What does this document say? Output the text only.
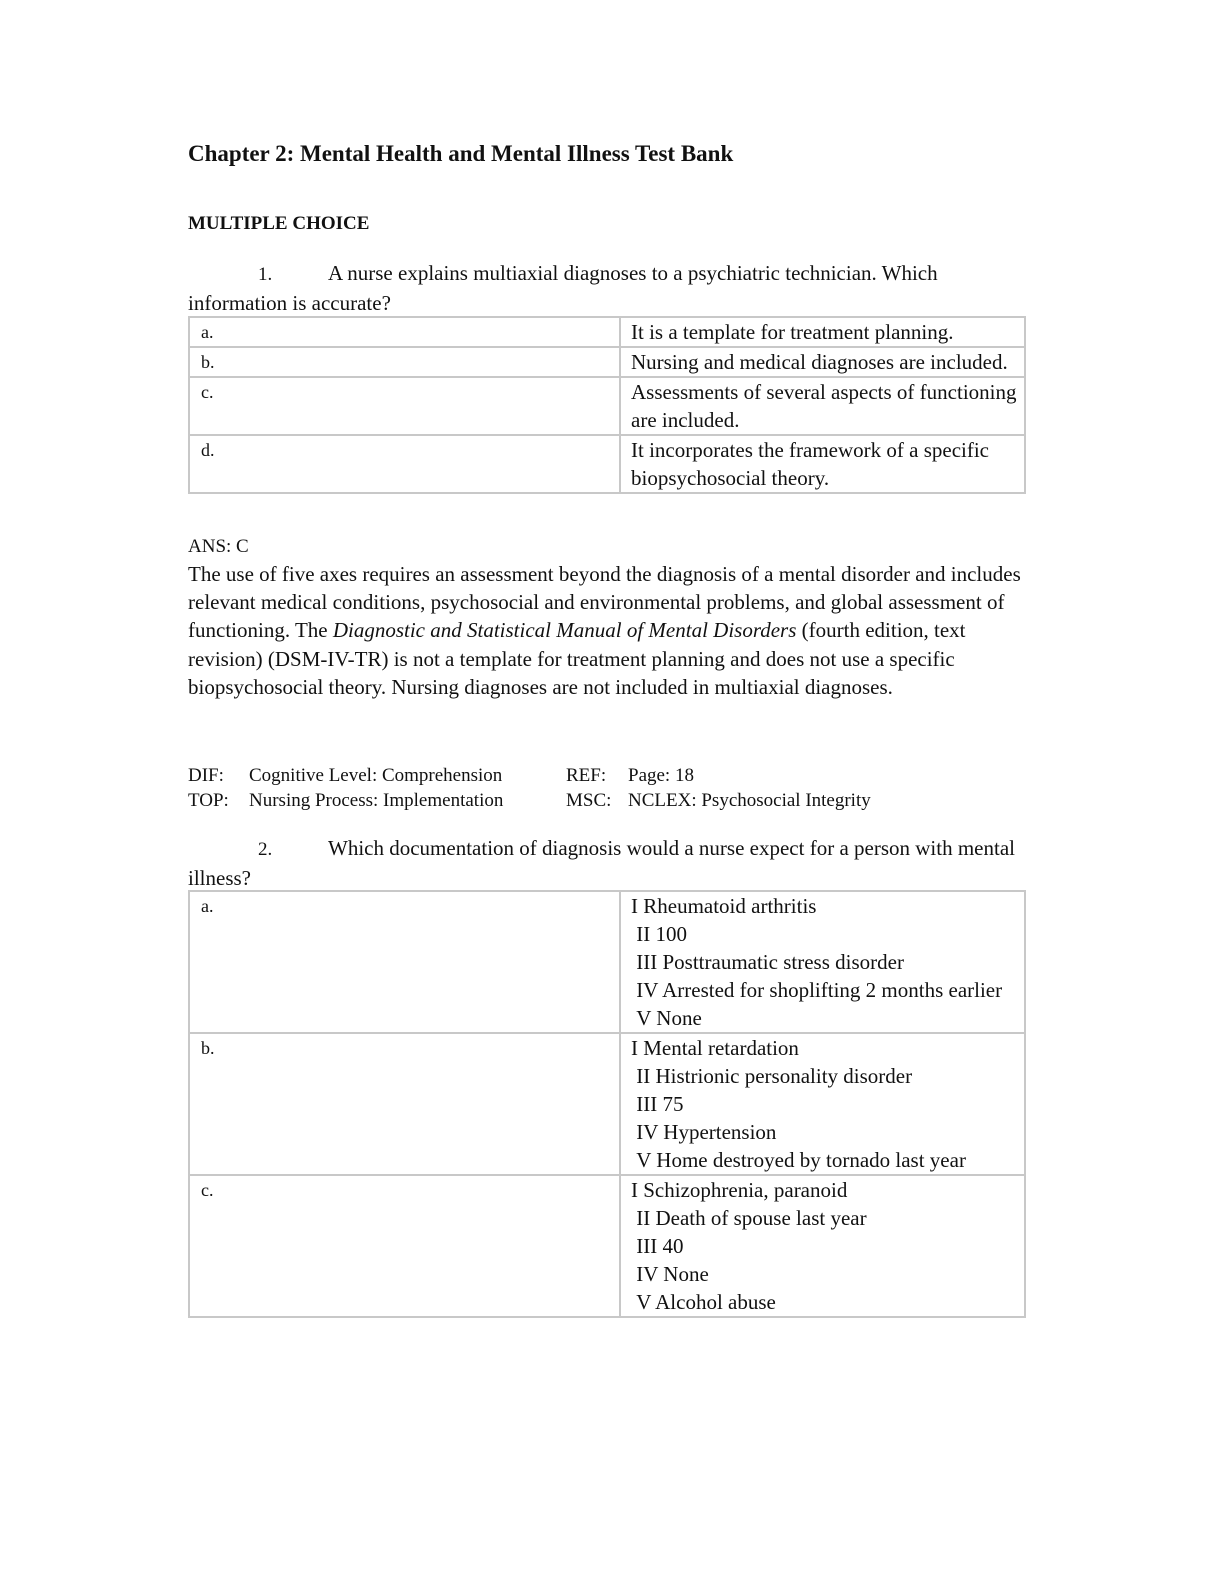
Chapter 2: Mental Health and Mental Illness Test Bank
MULTIPLE CHOICE
1.	A nurse explains multiaxial diagnoses to a psychiatric technician. Which information is accurate?
a.	It is a template for treatment planning.

b.	Nursing and medical diagnoses are included.

c.	Assessments of several aspects of functioning are included.

d.	It incorporates the framework of a specific biopsychosocial theory.
ANS: C

The use of five axes requires an assessment beyond the diagnosis of a mental disorder and includes relevant medical conditions, psychosocial and environmental problems, and global assessment of functioning. The Diagnostic and Statistical Manual of Mental Disorders (fourth edition, text revision) (DSM-IV-TR) is not a template for treatment planning and does not use a specific biopsychosocial theory. Nursing diagnoses are not included in multiaxial diagnoses.

DIF: Cognitive Level: Comprehension	REF: Page: 18
TOP: Nursing Process: Implementation	MSC: NCLEX: Psychosocial Integrity
2.	Which documentation of diagnosis would a nurse expect for a person with mental illness?
a.	I Rheumatoid arthritis
II 100
III Posttraumatic stress disorder
IV Arrested for shoplifting 2 months earlier
V None

b.	I Mental retardation
II Histrionic personality disorder
III 75
IV Hypertension
V Home destroyed by tornado last year

c.	I Schizophrenia, paranoid
II Death of spouse last year
III 40
IV None
V Alcohol abuse
